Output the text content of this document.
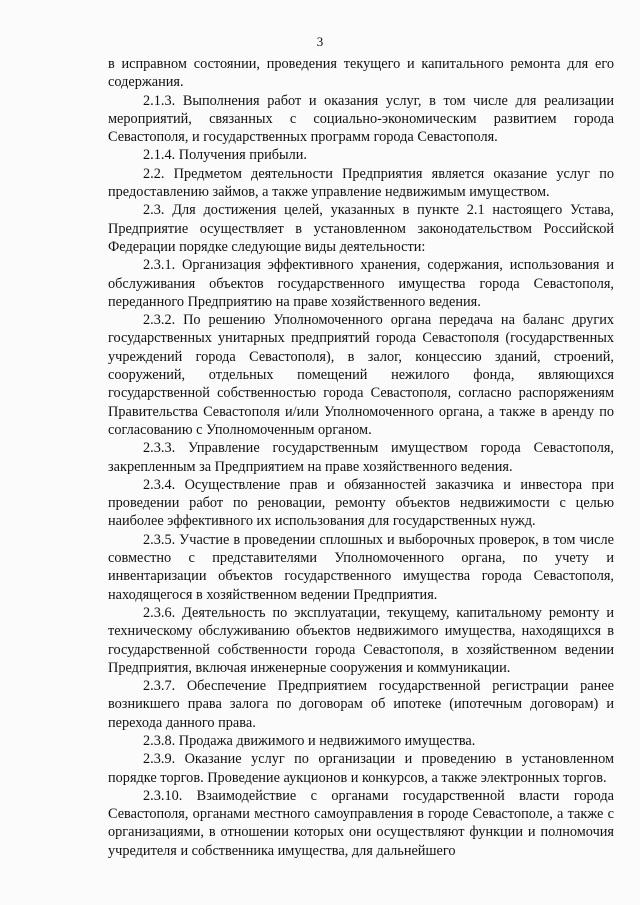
3

в исправном состоянии, проведения текущего и капитального ремонта для его содержания.

2.1.3. Выполнения работ и оказания услуг, в том числе для реализации мероприятий, связанных с социально-экономическим развитием города Севастополя, и государственных программ города Севастополя.

2.1.4. Получения прибыли.

2.2. Предметом деятельности Предприятия является оказание услуг по предоставлению займов, а также управление недвижимым имуществом.

2.3. Для достижения целей, указанных в пункте 2.1 настоящего Устава, Предприятие осуществляет в установленном законодательством Российской Федерации порядке следующие виды деятельности:

2.3.1. Организация эффективного хранения, содержания, использования и обслуживания объектов государственного имущества города Севастополя, переданного Предприятию на праве хозяйственного ведения.

2.3.2. По решению Уполномоченного органа передача на баланс других государственных унитарных предприятий города Севастополя (государственных учреждений города Севастополя), в залог, концессию зданий, строений, сооружений, отдельных помещений нежилого фонда, являющихся государственной собственностью города Севастополя, согласно распоряжениям Правительства Севастополя и/или Уполномоченного органа, а также в аренду по согласованию с Уполномоченным органом.

2.3.3. Управление государственным имуществом города Севастополя, закрепленным за Предприятием на праве хозяйственного ведения.

2.3.4. Осуществление прав и обязанностей заказчика и инвестора при проведении работ по реновации, ремонту объектов недвижимости с целью наиболее эффективного их использования для государственных нужд.

2.3.5. Участие в проведении сплошных и выборочных проверок, в том числе совместно с представителями Уполномоченного органа, по учету и инвентаризации объектов государственного имущества города Севастополя, находящегося в хозяйственном ведении Предприятия.

2.3.6. Деятельность по эксплуатации, текущему, капитальному ремонту и техническому обслуживанию объектов недвижимого имущества, находящихся в государственной собственности города Севастополя, в хозяйственном ведении Предприятия, включая инженерные сооружения и коммуникации.

2.3.7. Обеспечение Предприятием государственной регистрации ранее возникшего права залога по договорам об ипотеке (ипотечным договорам) и перехода данного права.

2.3.8. Продажа движимого и недвижимого имущества.

2.3.9. Оказание услуг по организации и проведению в установленном порядке торгов. Проведение аукционов и конкурсов, а также электронных торгов.

2.3.10. Взаимодействие с органами государственной власти города Севастополя, органами местного самоуправления в городе Севастополе, а также с организациями, в отношении которых они осуществляют функции и полномочия учредителя и собственника имущества, для дальнейшего
